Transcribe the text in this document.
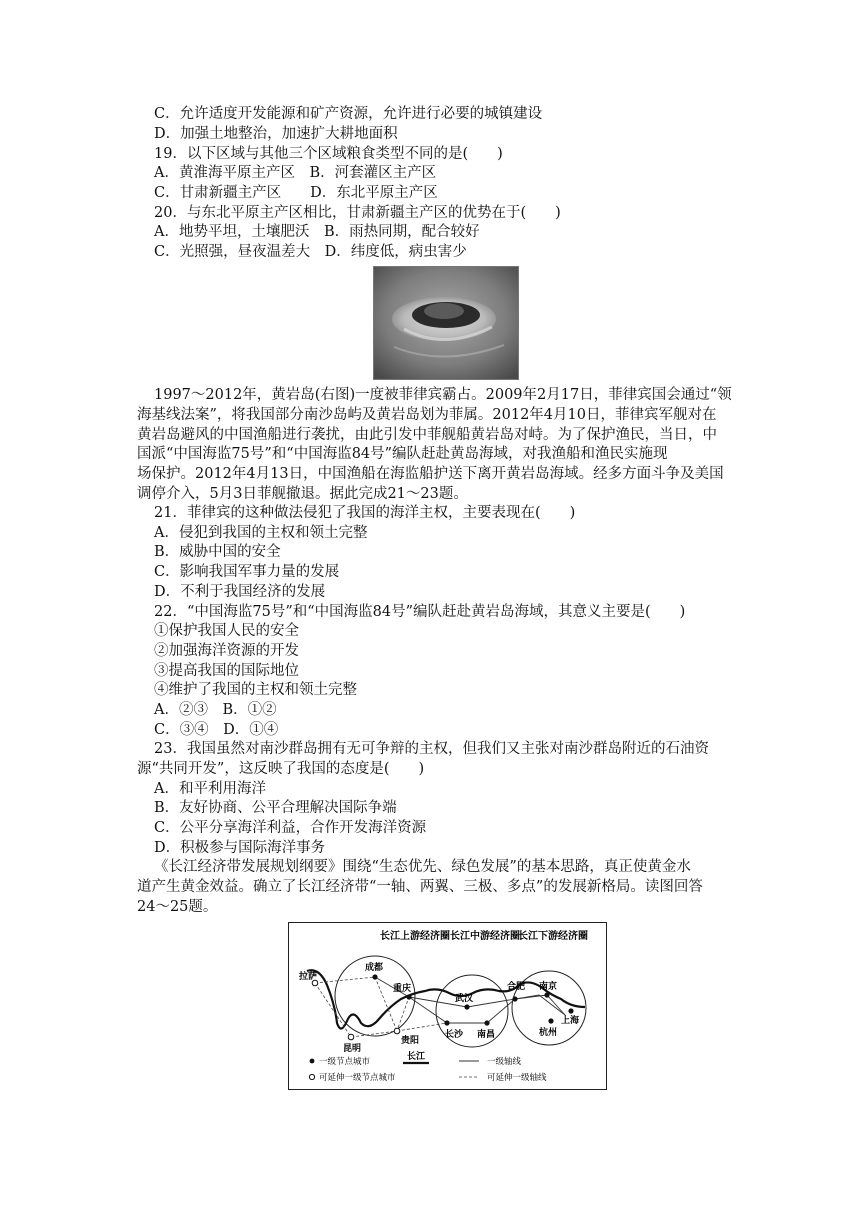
C．允许适度开发能源和矿产资源，允许进行必要的城镇建设
D．加强土地整治，加速扩大耕地面积
19．以下区域与其他三个区域粮食类型不同的是(　　)
A．黄淮海平原主产区　B．河套灌区主产区
C．甘肃新疆主产区　　D．东北平原主产区
20．与东北平原主产区相比，甘肃新疆主产区的优势在于(　　)
A．地势平坦，土壤肥沃　B．雨热同期，配合较好
C．光照强，昼夜温差大　D．纬度低，病虫害少
1997～2012年，黄岩岛(右图)一度被菲律宾霸占。2009年2月17日，菲律宾国会通过“领
海基线法案”，将我国部分南沙岛屿及黄岩岛划为菲属。2012年4月10日，菲律宾军舰对在
黄岩岛避风的中国渔船进行袭扰，由此引发中菲舰船黄岩岛对峙。为了保护渔民，当日，中
国派“中国海监75号”和“中国海监84号”编队赶赴黄岛海域，对我渔船和渔民实施现
场保护。2012年4月13日，中国渔船在海监船护送下离开黄岩岛海域。经多方面斗争及美国
调停介入，5月3日菲舰撤退。据此完成21～23题。
21．菲律宾的这种做法侵犯了我国的海洋主权，主要表现在(　　)
A．侵犯到我国的主权和领土完整
B．威胁中国的安全
C．影响我国军事力量的发展
D．不利于我国经济的发展
22．“中国海监75号”和“中国海监84号”编队赶赴黄岩岛海域，其意义主要是(　　)
①保护我国人民的安全
②加强海洋资源的开发
③提高我国的国际地位
④维护了我国的主权和领土完整
A．②③　B．①②
C．③④　D．①④
23．我国虽然对南沙群岛拥有无可争辩的主权，但我们又主张对南沙群岛附近的石油资
源“共同开发”，这反映了我国的态度是(　　)
A．和平利用海洋
B．友好协商、公平合理解决国际争端
C．公平分享海洋利益，合作开发海洋资源
D．积极参与国际海洋事务
《长江经济带发展规划纲要》围绕“生态优先、绿色发展”的基本思路，真正使黄金水
道产生黄金效益。确立了长江经济带“一轴、两翼、三极、多点”的发展新格局。读图回答
24～25题。
长江上游经济圈 长江中游经济圈
长江下游经济圈
成都
重庆
拉萨
昆明
贵阳
武汉
长沙 南昌
合肥 南京
杭州
上海
一级节点城市	长江	一级轴线
可延伸一级节点城市	可延伸一级轴线
